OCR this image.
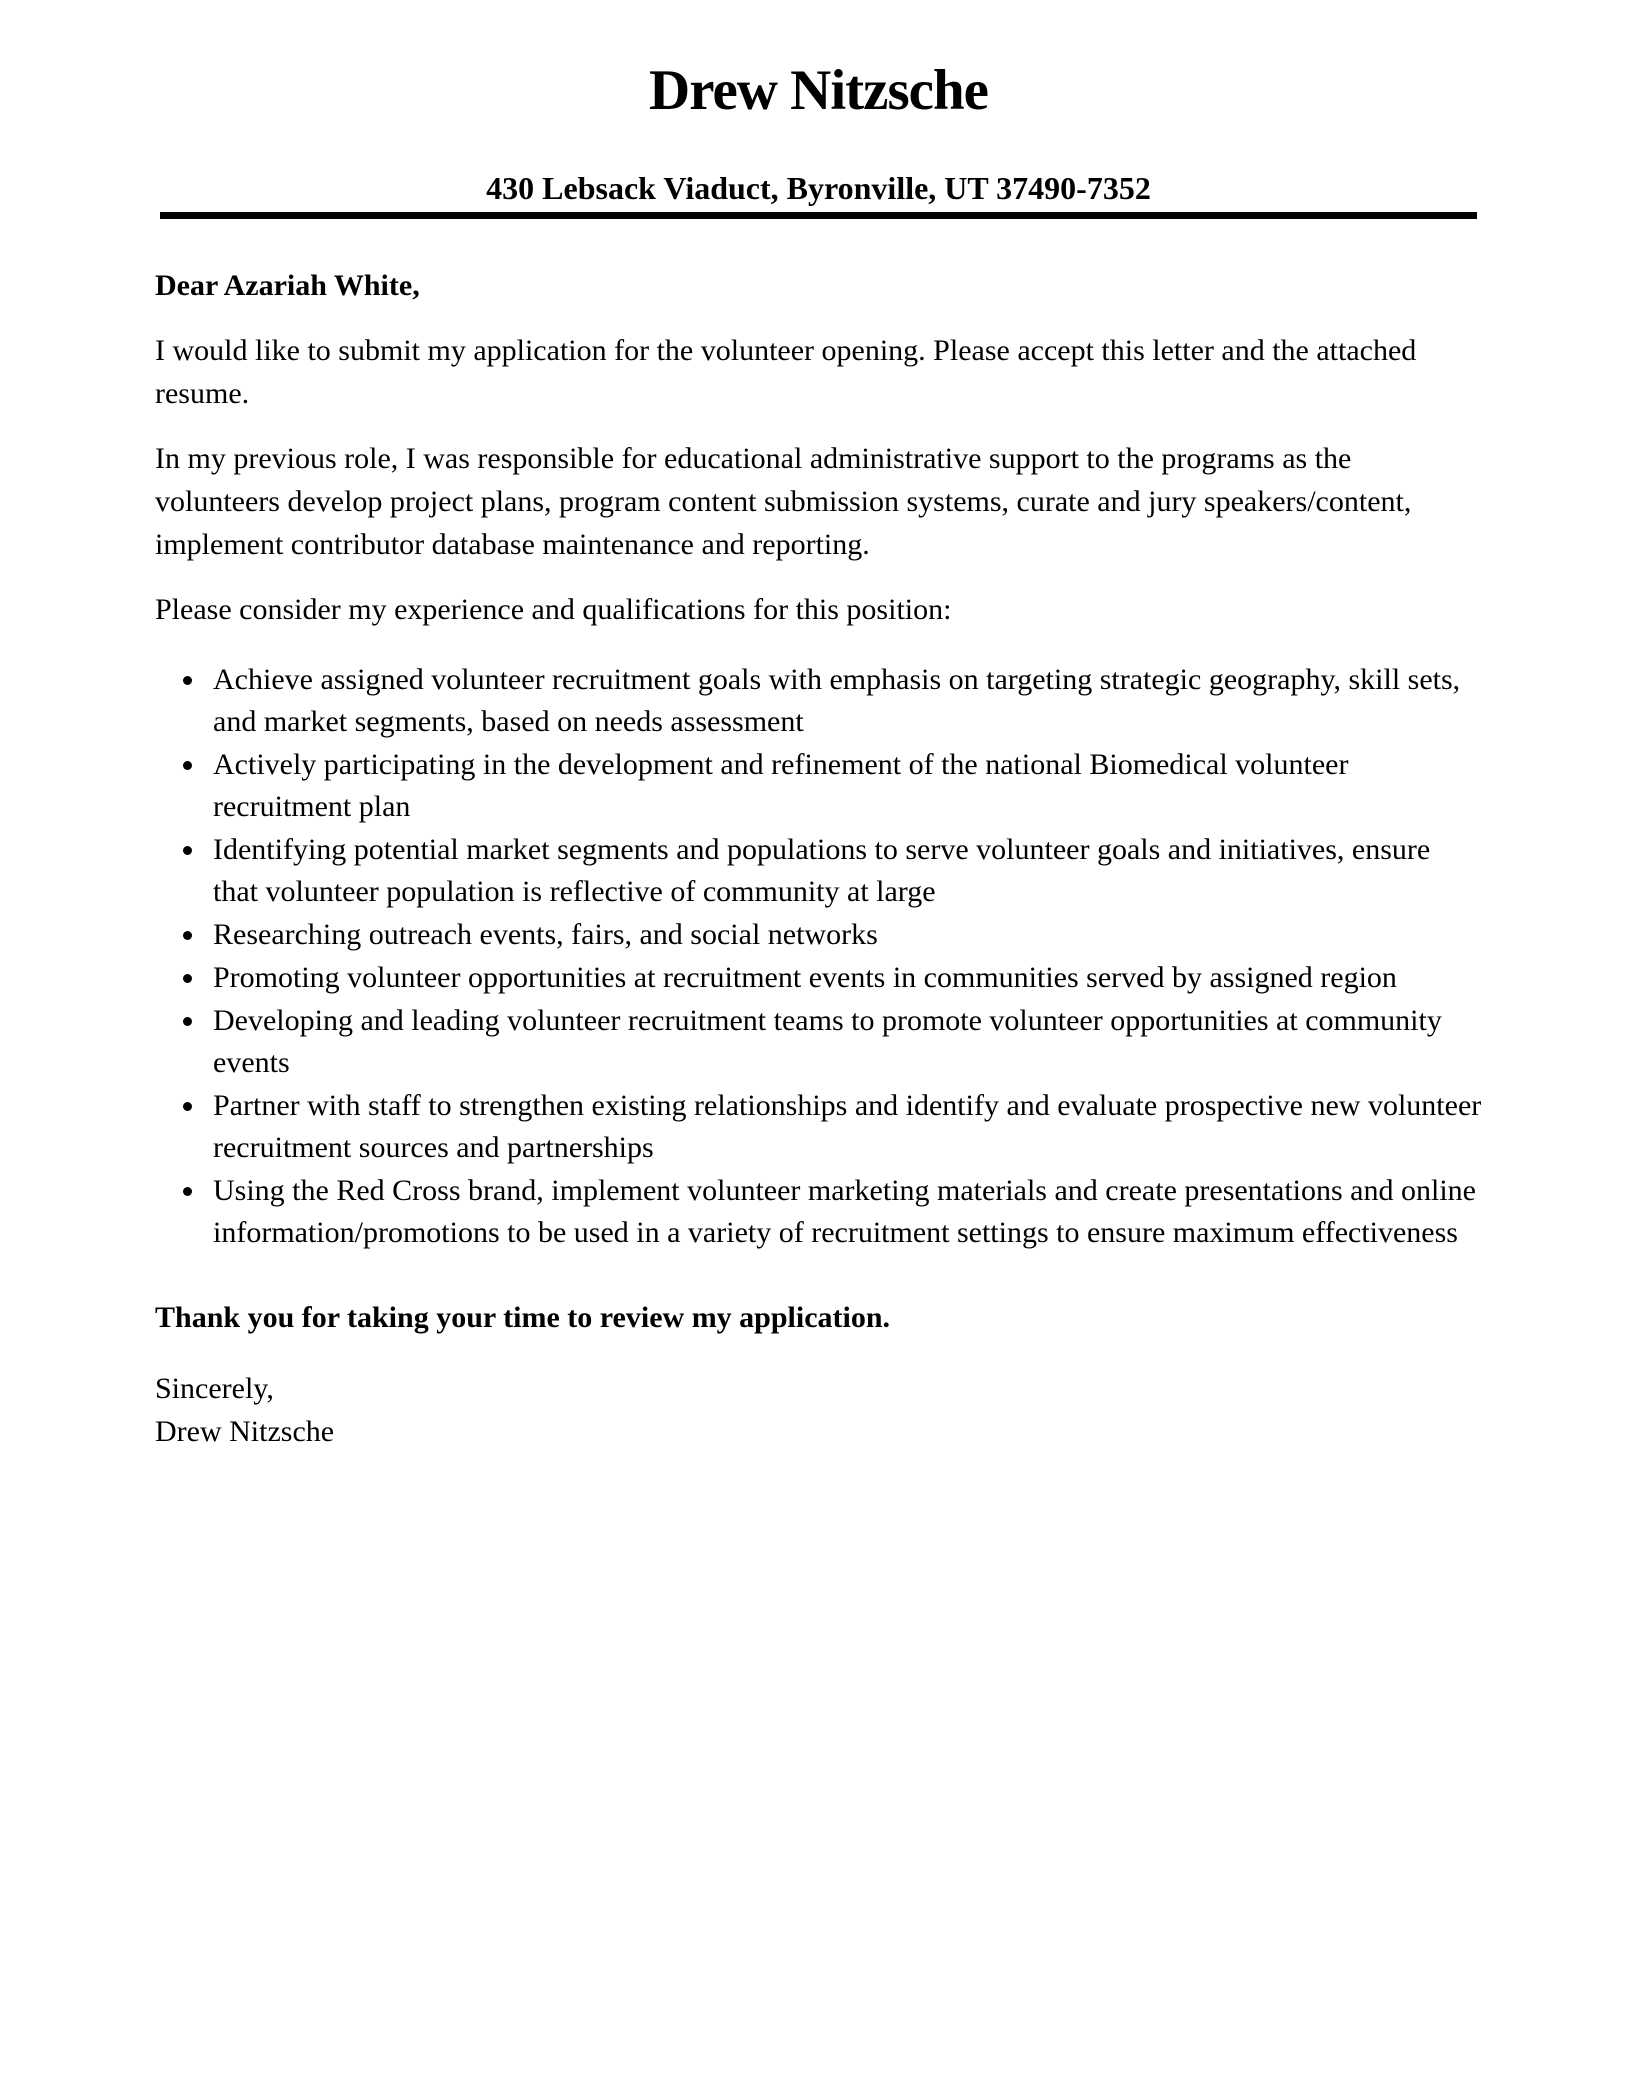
Drew Nitzsche
430 Lebsack Viaduct, Byronville, UT 37490-7352

Dear Azariah White,

I would like to submit my application for the volunteer opening. Please accept this letter and the attached resume.

In my previous role, I was responsible for educational administrative support to the programs as the volunteers develop project plans, program content submission systems, curate and jury speakers/content, implement contributor database maintenance and reporting.

Please consider my experience and qualifications for this position:

• Achieve assigned volunteer recruitment goals with emphasis on targeting strategic geography, skill sets, and market segments, based on needs assessment
• Actively participating in the development and refinement of the national Biomedical volunteer recruitment plan
• Identifying potential market segments and populations to serve volunteer goals and initiatives, ensure that volunteer population is reflective of community at large
• Researching outreach events, fairs, and social networks
• Promoting volunteer opportunities at recruitment events in communities served by assigned region
• Developing and leading volunteer recruitment teams to promote volunteer opportunities at community events
• Partner with staff to strengthen existing relationships and identify and evaluate prospective new volunteer recruitment sources and partnerships
• Using the Red Cross brand, implement volunteer marketing materials and create presentations and online information/promotions to be used in a variety of recruitment settings to ensure maximum effectiveness

Thank you for taking your time to review my application.

Sincerely,
Drew Nitzsche
